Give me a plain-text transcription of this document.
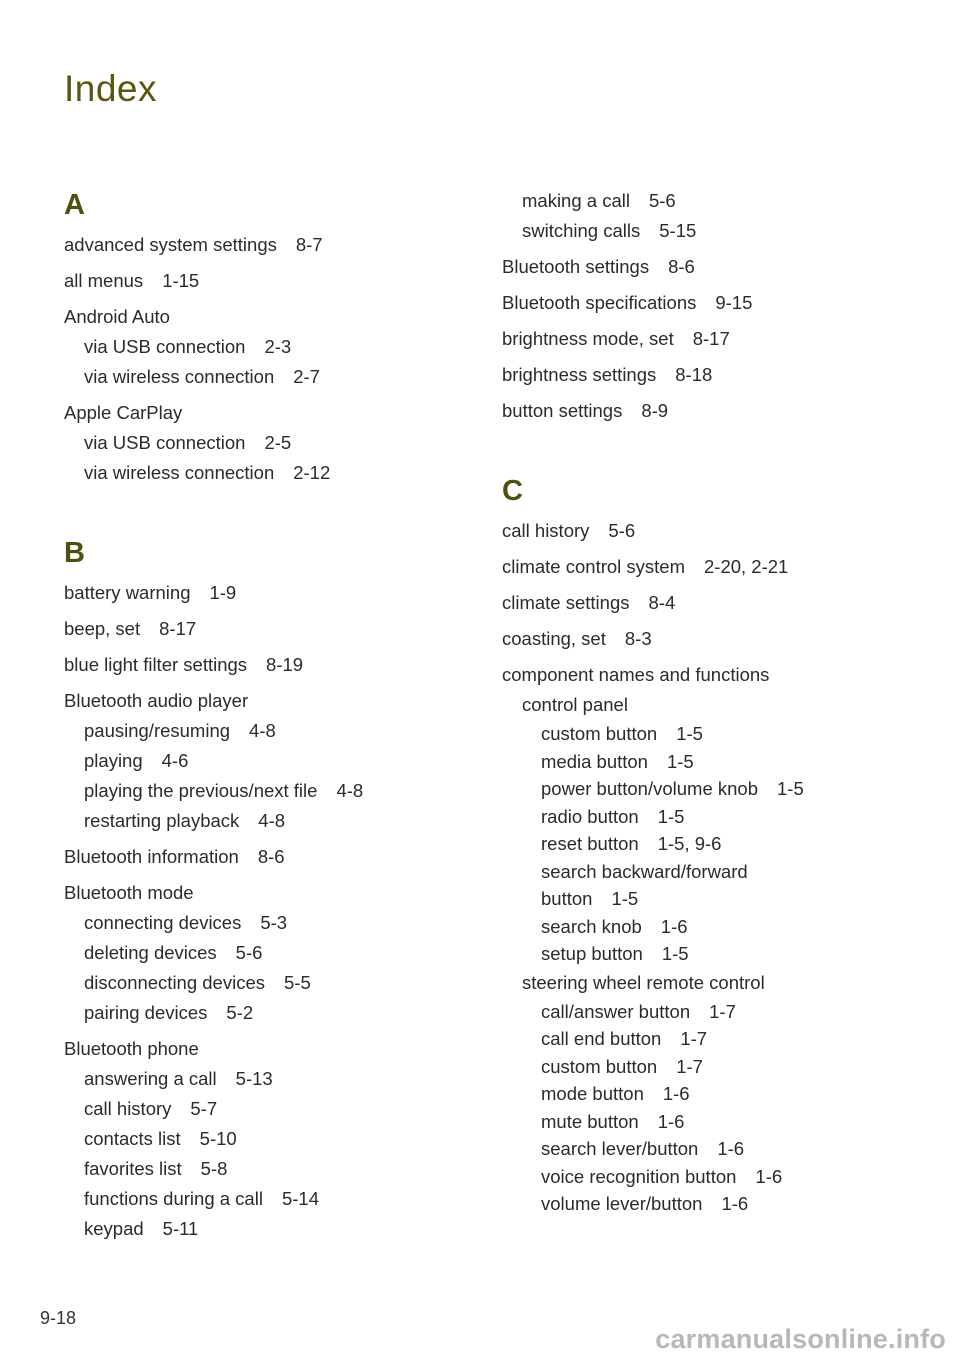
Index
A
advanced system settings 8-7
all menus 1-15
Android Auto
via USB connection 2-3
via wireless connection 2-7
Apple CarPlay
via USB connection 2-5
via wireless connection 2-12
B
battery warning 1-9
beep, set 8-17
blue light filter settings 8-19
Bluetooth audio player
pausing/resuming 4-8
playing 4-6
playing the previous/next file 4-8
restarting playback 4-8
Bluetooth information 8-6
Bluetooth mode
connecting devices 5-3
deleting devices 5-6
disconnecting devices 5-5
pairing devices 5-2
Bluetooth phone
answering a call 5-13
call history 5-7
contacts list 5-10
favorites list 5-8
functions during a call 5-14
keypad 5-11
making a call 5-6
switching calls 5-15
Bluetooth settings 8-6
Bluetooth specifications 9-15
brightness mode, set 8-17
brightness settings 8-18
button settings 8-9
C
call history 5-6
climate control system 2-20, 2-21
climate settings 8-4
coasting, set 8-3
component names and functions
control panel
custom button 1-5
media button 1-5
power button/volume knob 1-5
radio button 1-5
reset button 1-5, 9-6
search backward/forward
button 1-5
search knob 1-6
setup button 1-5
steering wheel remote control
call/answer button 1-7
call end button 1-7
custom button 1-7
mode button 1-6
mute button 1-6
search lever/button 1-6
voice recognition button 1-6
volume lever/button 1-6
9-18
carmanualsonline.info
